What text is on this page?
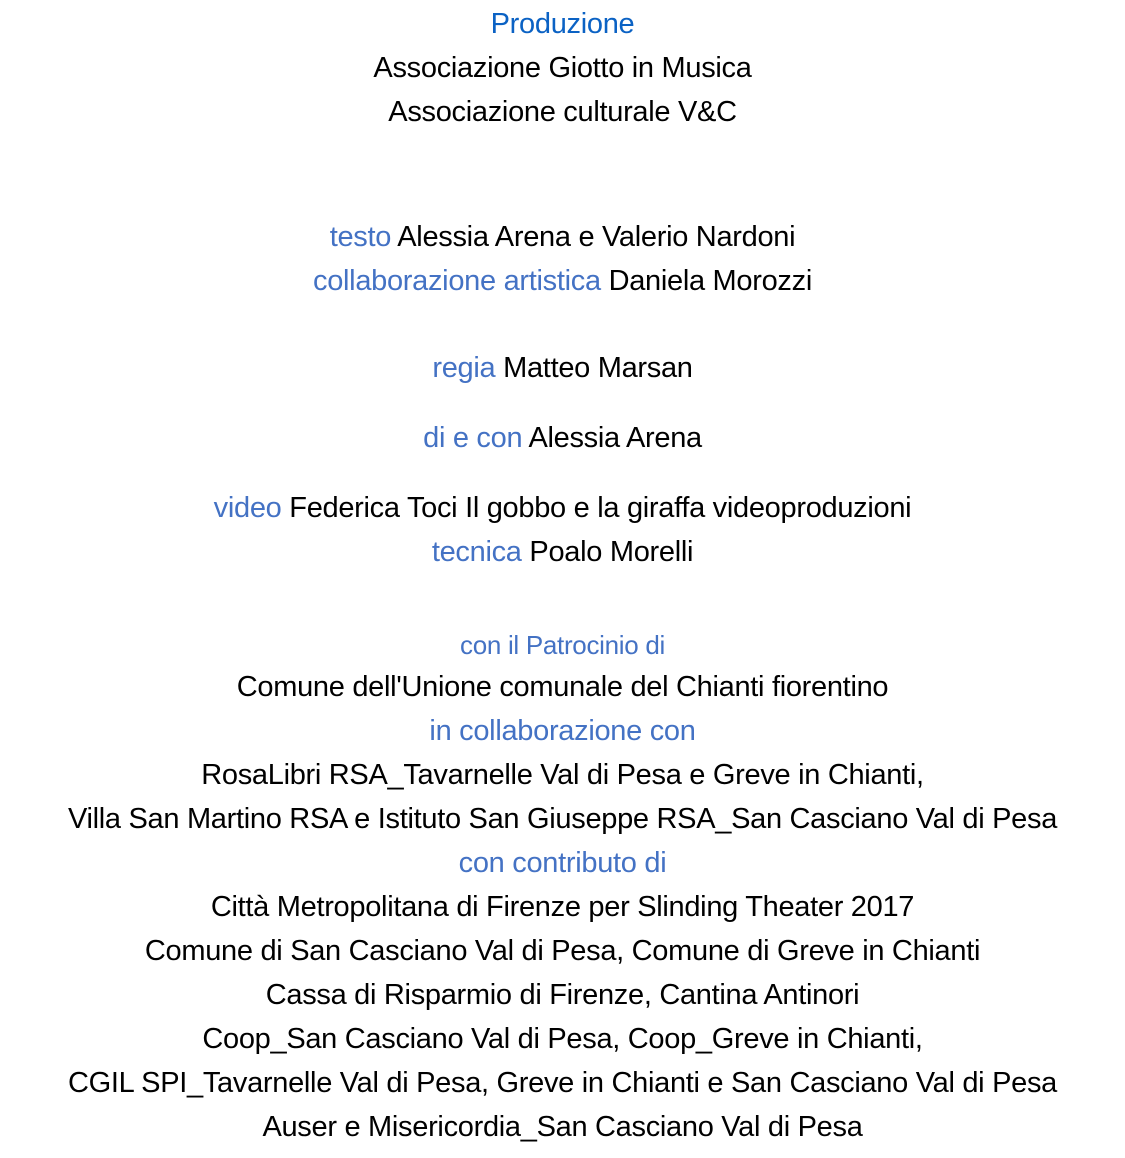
Produzione
Associazione Giotto in Musica
Associazione culturale V&C
testo Alessia Arena e Valerio Nardoni
collaborazione artistica Daniela Morozzi
regia Matteo Marsan
di e con Alessia Arena
video Federica Toci Il gobbo e la giraffa videoproduzioni
tecnica Poalo Morelli
con il Patrocinio di
Comune dell'Unione comunale del Chianti fiorentino
in collaborazione con
RosaLibri RSA_Tavarnelle Val di Pesa e Greve in Chianti,
Villa San Martino RSA e Istituto San Giuseppe RSA_San Casciano Val di Pesa
con contributo di
Città Metropolitana di Firenze per Slinding Theater 2017
Comune di San Casciano Val di Pesa, Comune di Greve in Chianti
Cassa di Risparmio di Firenze, Cantina Antinori
Coop_San Casciano Val di Pesa, Coop_Greve in Chianti,
CGIL SPI_Tavarnelle Val di Pesa, Greve in Chianti e San Casciano Val di Pesa
Auser e Misericordia_San Casciano Val di Pesa
